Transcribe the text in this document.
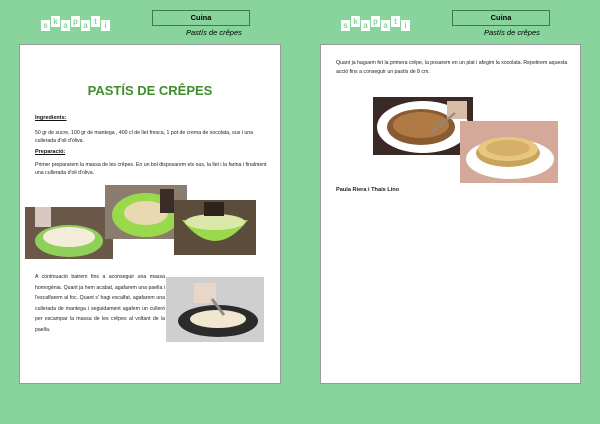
s k a p a t i
Cuina
Pastís de crêpes
s k a p a t i
Cuina
Pastís de crêpes
PASTÍS DE CRÊPES
Ingredients:
50 gr de sucre, 100 gr de mantega , 400 cl de llet fresca, 1 pot de crema de xocolata, ous i una cullerada d'oli d'oliva.
Preparació:
Primer prepararem la massa de les crêpes. En un bol disposarem els ous, la llet i la farina i finalment una cullerada d'oli d'oliva.
A continuació batrem fins a aconseguir una massa homogènia. Quant ja hem acabat, agafarem una paella i l'escalfarem al foc. Quant s' hagi escalfat, agafarem una cullerada de mantega i seguidament agafem un culleró per escampar la massa de les crêpes al voltant de la paella.
Quant ja haguem fet la primera crêpe, la posarem en un plat i afegim la xocolata. Repetirem aquesta acció fins a conseguir un pastís de 8 cm.
Paula Riera i Thaís Lino
